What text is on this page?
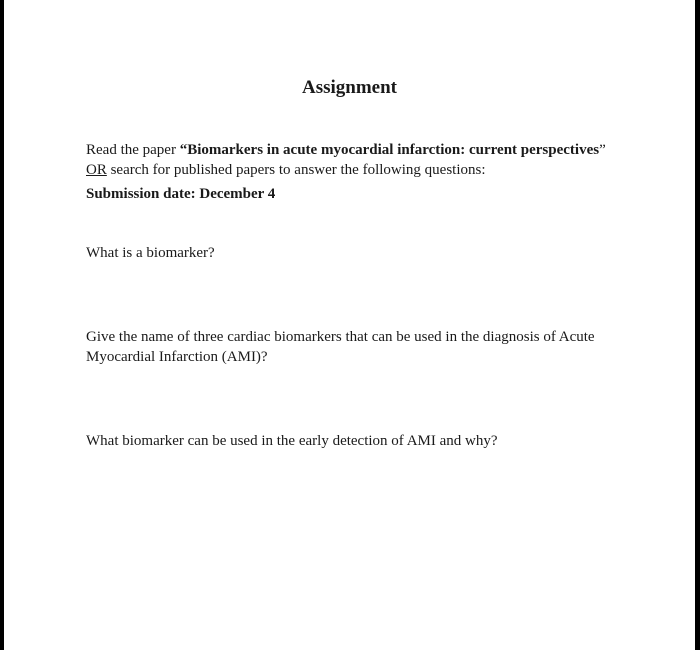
Assignment

Read the paper “Biomarkers in acute myocardial infarction: current perspectives”
OR search for published papers to answer the following questions:

Submission date: December 4

What is a biomarker?

Give the name of three cardiac biomarkers that can be used in the diagnosis of Acute Myocardial Infarction (AMI)?

What biomarker can be used in the early detection of AMI and why?
